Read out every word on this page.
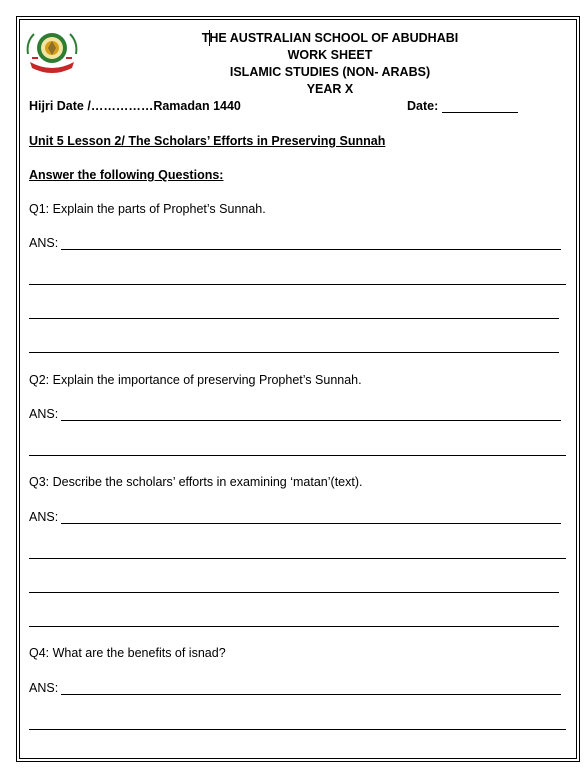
THE AUSTRALIAN SCHOOL OF ABUDHABI
WORK SHEET
ISLAMIC STUDIES (NON- ARABS)
YEAR X
Hijri Date /……………Ramadan 1440	Date:
Unit 5 Lesson 2/ The Scholars’ Efforts in Preserving Sunnah
Answer the following Questions:
Q1: Explain the parts of Prophet’s Sunnah.
ANS:
Q2: Explain the importance of preserving Prophet’s Sunnah.
ANS:
Q3: Describe the scholars’ efforts in examining ‘matan’(text).
ANS:
Q4: What are the benefits of isnad?
ANS:
